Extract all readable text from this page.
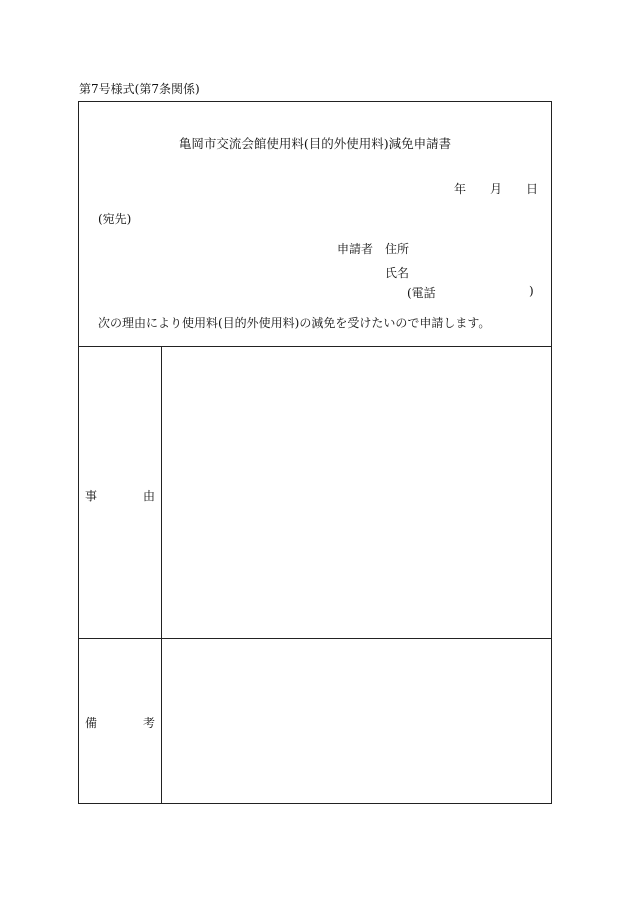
第7号様式(第7条関係)
亀岡市交流会館使用料(目的外使用料)減免申請書
年 月 日
(宛先)
申請者 住所
氏名
(電話	)
次の理由により使用料(目的外使用料)の減免を受けたいので申請します。
事	由
備	考
